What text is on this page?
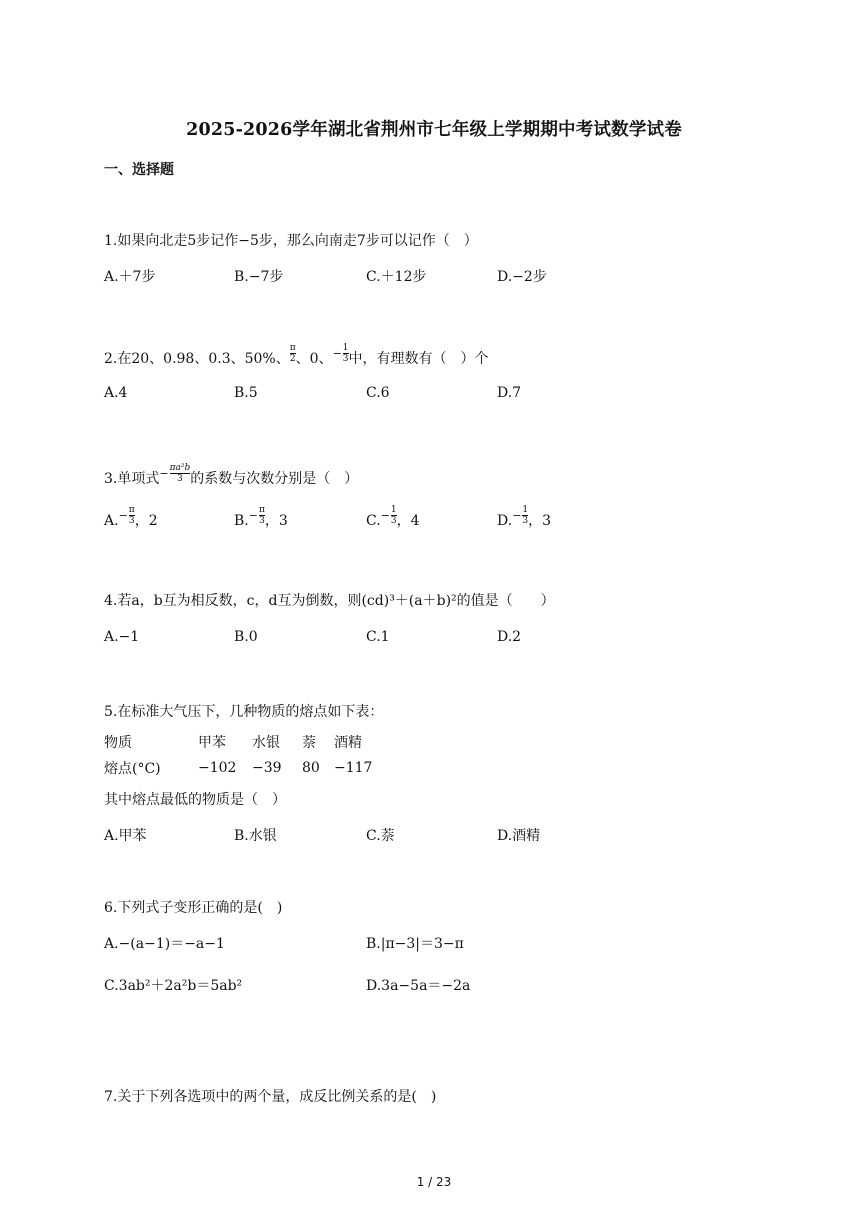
2025-2026学年湖北省荆州市七年级上学期期中考试数学试卷
一、选择题
1.如果向北走5步记作−5步，那么向南走7步可以记作（　）
A.＋7步	B.−7步	C.＋12步	D.−2步
2.在20、0.98、0.3、50%、 $\frac{\pi}{2}$ 、0、− $\frac{1}{3}$ 中，有理数有（　）个
A.4	B.5	C.6	D.7
3.单项式− $\frac{\text{πa²b}}{3}$ 的系数与次数分别是（　）
$A.- \frac{\pi}{3}$ ，2	$B.- \frac{\pi}{3}$ ，3	$C.- \frac{1}{3}$ ，4	$D.- \frac{1}{3}$ ，3
4.若a，b互为相反数，c，d互为倒数，则(cd)³＋(a＋b)²的值是（　　）
A.−1	B.0	C.1	D.2
5.在标准大气压下，几种物质的熔点如下表：
物质	甲苯	水银	萘	酒精
熔点(°C)	−102	−39	80	−117
其中熔点最低的物质是（　）
A.甲苯	B.水银	C.萘	D.酒精
6.下列式子变形正确的是(　)
A.−(a−1)＝−a−1	B.|π−3|＝3−π
C.3ab²＋2a²b＝5ab²	D.3a−5a＝−2a
7.关于下列各选项中的两个量，成反比例关系的是(　)
1 / 23
